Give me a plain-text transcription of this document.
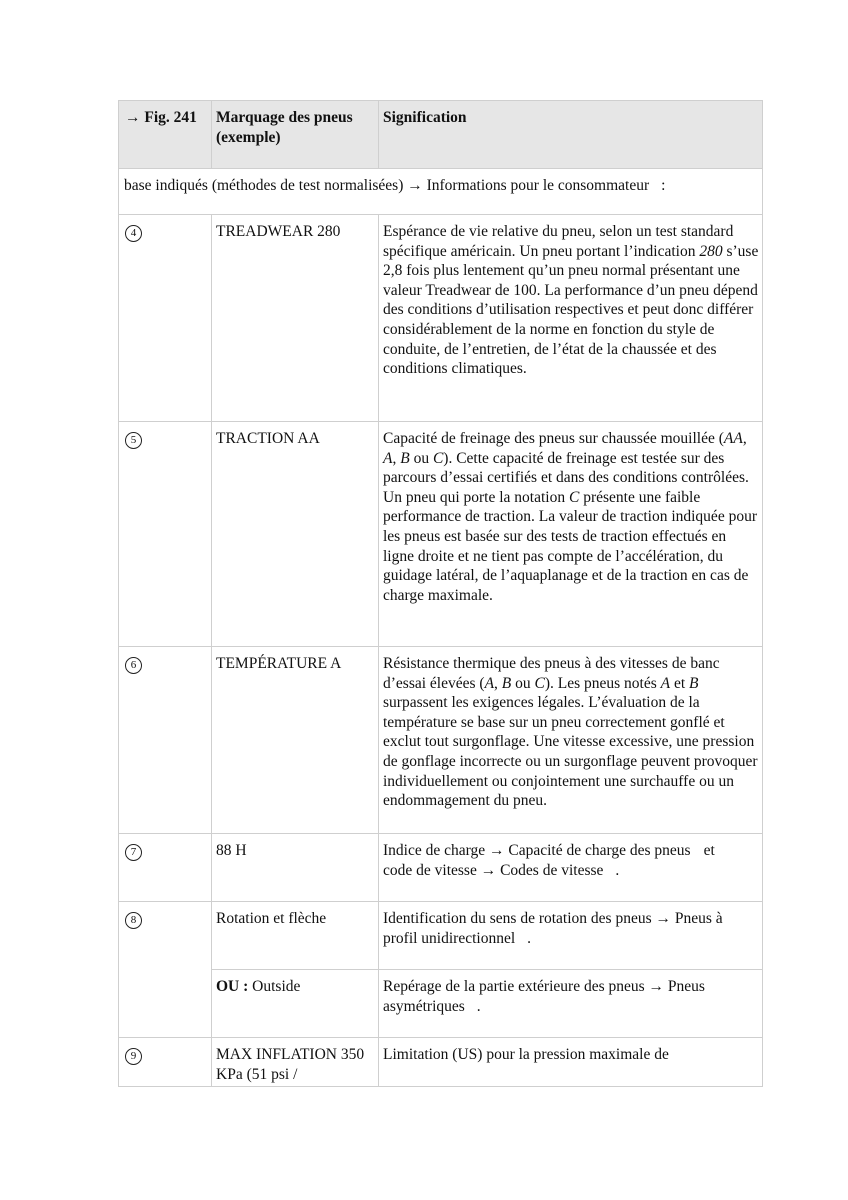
→ Fig. 241	Marquage des pneus (exemple)	Signification
base indiqués (méthodes de test normalisées) → Informations pour le consommateur :		
4	TREADWEAR 280	Espérance de vie relative du pneu, selon un test standard spécifique américain. Un pneu portant l’indication 280 s’use 2,8 fois plus lentement qu’un pneu normal présentant une valeur Treadwear de 100. La performance d’un pneu dépend des conditions d’utilisation respectives et peut donc différer considérablement de la norme en fonction du style de conduite, de l’entretien, de l’état de la chaussée et des conditions climatiques.
5	TRACTION AA	Capacité de freinage des pneus sur chaussée mouillée (AA, A, B ou C). Cette capacité de freinage est testée sur des parcours d’essai certifiés et dans des conditions contrôlées. Un pneu qui porte la notation C présente une faible performance de traction. La valeur de traction indiquée pour les pneus est basée sur des tests de traction effectués en ligne droite et ne tient pas compte de l’accélération, du guidage latéral, de l’aquaplanage et de la traction en cas de charge maximale.
6	TEMPÉRATURE A	Résistance thermique des pneus à des vitesses de banc d’essai élevées (A, B ou C). Les pneus notés A et B surpassent les exigences légales. L’évaluation de la température se base sur un pneu correctement gonflé et exclut tout surgonflage. Une vitesse excessive, une pression de gonflage incorrecte ou un surgonflage peuvent provoquer individuellement ou conjointement une surchauffe ou un endommagement du pneu.
7	88 H	Indice de charge → Capacité de charge des pneus et
code de vitesse → Codes de vitesse .
8	Rotation et flèche	Identification du sens de rotation des pneus → Pneus à profil unidirectionnel .
	OU : Outside	Repérage de la partie extérieure des pneus → Pneus asymétriques .
9	MAX INFLATION 350 KPa (51 psi /	Limitation (US) pour la pression maximale de
